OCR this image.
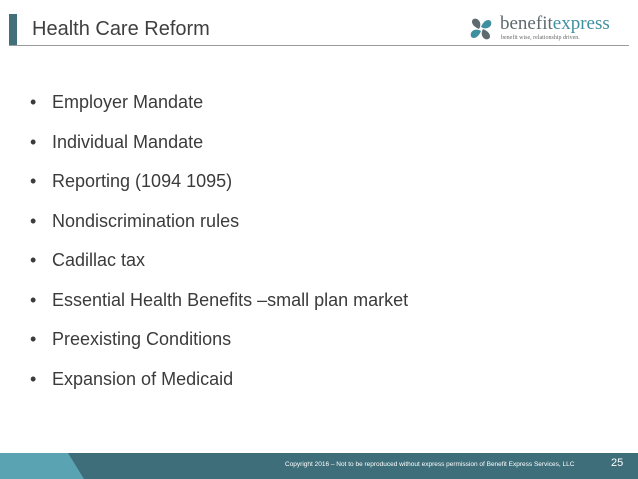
Health Care Reform	benefitexpress
benefit wise, relationship driven.
• Employer Mandate
• Individual Mandate
• Reporting (1094 1095)
• Nondiscrimination rules
• Cadillac tax
• Essential Health Benefits –small plan market
• Preexisting Conditions
• Expansion of Medicaid
Copyright 2016 – Not to be reproduced without express permission of Benefit Express Services, LLC	25
